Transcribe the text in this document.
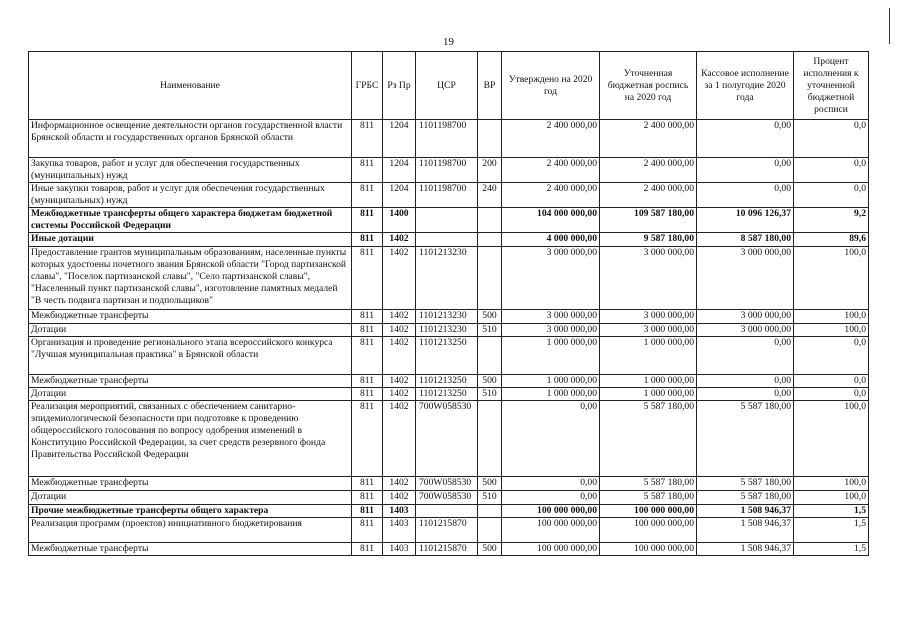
19
Наименование	ГРБС	Рз Пр	ЦСР	ВР	Утверждено на 2020 год	Уточненная бюджетная роспись на 2020 год	Кассовое исполнение за 1 полугодие 2020 года	Процент исполнения к уточненной бюджетной росписи
Информационное освещение деятельности органов государственной власти Брянской области и государственных органов Брянской области	811	1204	1101198700		2 400 000,00	2 400 000,00	0,00	0,0
Закупка товаров, работ и услуг для обеспечения государственных (муниципальных) нужд	811	1204	1101198700	200	2 400 000,00	2 400 000,00	0,00	0,0
Иные закупки товаров, работ и услуг для обеспечения государственных (муниципальных) нужд	811	1204	1101198700	240	2 400 000,00	2 400 000,00	0,00	0,0
Межбюджетные трансферты общего характера бюджетам бюджетной системы Российской Федерации	811	1400			104 000 000,00	109 587 180,00	10 096 126,37	9,2
Иные дотации	811	1402			4 000 000,00	9 587 180,00	8 587 180,00	89,6
Предоставление грантов муниципальным образованиям, населенные пункты которых удостоены почетного звания Брянской области "Город партизанской славы", "Поселок партизанской славы", "Село партизанской славы", "Населенный пункт партизанской славы", изготовление памятных медалей "В честь подвига партизан и подпольщиков"	811	1402	1101213230		3 000 000,00	3 000 000,00	3 000 000,00	100,0
Межбюджетные трансферты	811	1402	1101213230	500	3 000 000,00	3 000 000,00	3 000 000,00	100,0
Дотации	811	1402	1101213230	510	3 000 000,00	3 000 000,00	3 000 000,00	100,0
Организация и проведение регионального этапа всероссийского конкурса "Лучшая муниципальная практика" в Брянской области	811	1402	1101213250		1 000 000,00	1 000 000,00	0,00	0,0
Межбюджетные трансферты	811	1402	1101213250	500	1 000 000,00	1 000 000,00	0,00	0,0
Дотации	811	1402	1101213250	510	1 000 000,00	1 000 000,00	0,00	0,0
Реализация мероприятий, связанных с обеспечением санитарно-эпидемиологической безопасности при подготовке к проведению общероссийского голосования по вопросу одобрения изменений в Конституцию Российской Федерации, за счет средств резервного фонда Правительства Российской Федерации	811	1402	700W058530		0,00	5 587 180,00	5 587 180,00	100,0
Межбюджетные трансферты	811	1402	700W058530	500	0,00	5 587 180,00	5 587 180,00	100,0
Дотации	811	1402	700W058530	510	0,00	5 587 180,00	5 587 180,00	100,0
Прочие межбюджетные трансферты общего характера	811	1403			100 000 000,00	100 000 000,00	1 508 946,37	1,5
Реализация программ (проектов) инициативного бюджетирования	811	1403	1101215870		100 000 000,00	100 000 000,00	1 508 946,37	1,5
Межбюджетные трансферты	811	1403	1101215870	500	100 000 000,00	100 000 000,00	1 508 946,37	1,5
